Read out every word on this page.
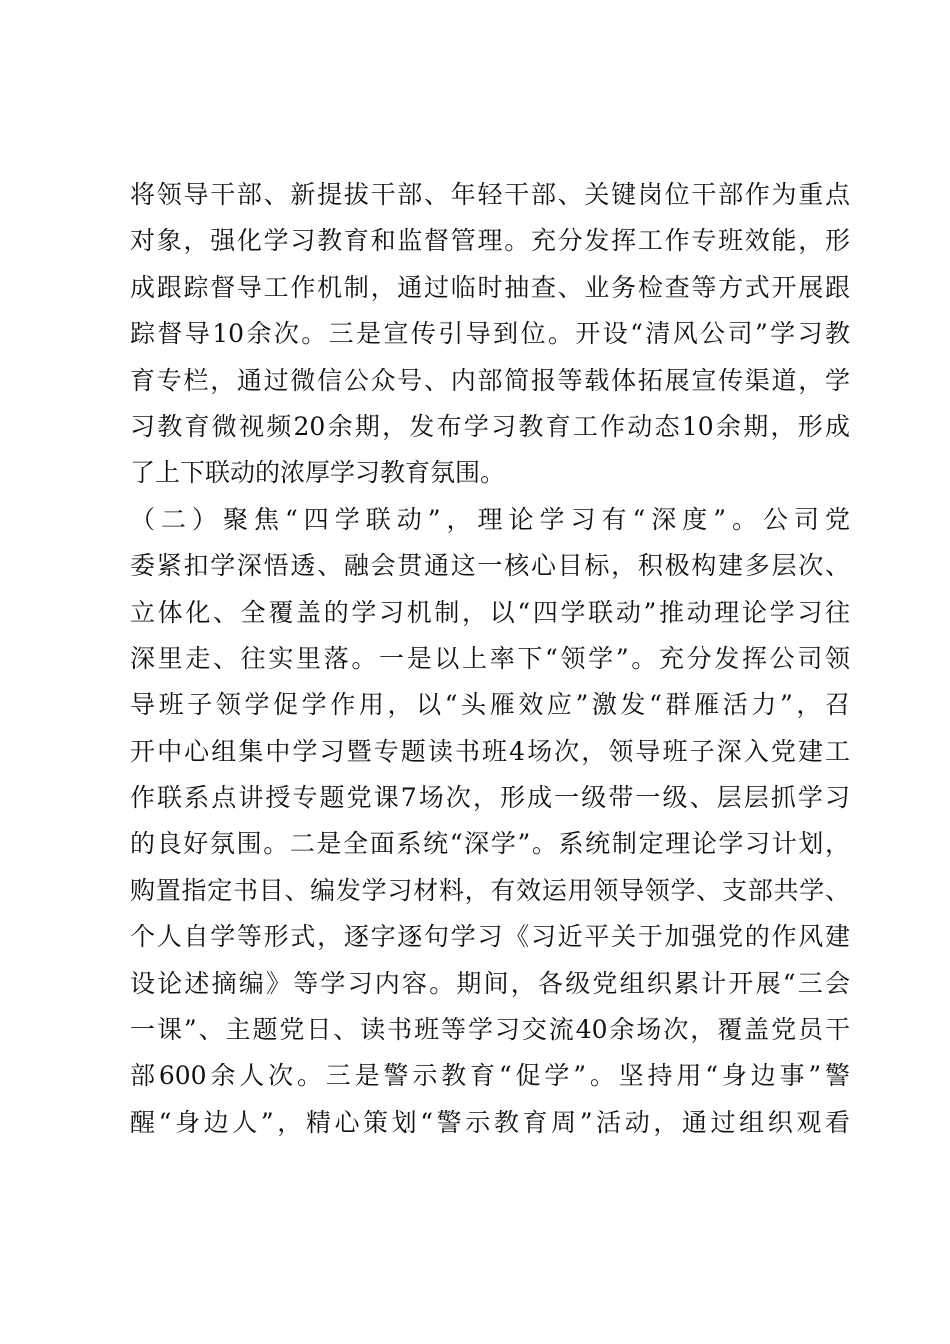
将领导干部、新提拔干部、年轻干部、关键岗位干部作为重点
对象，强化学习教育和监督管理。充分发挥工作专班效能，形
成跟踪督导工作机制，通过临时抽查、业务检查等方式开展跟
踪督导10余次。三是宣传引导到位。开设“清风公司”学习教
育专栏，通过微信公众号、内部简报等载体拓展宣传渠道，学
习教育微视频20余期，发布学习教育工作动态10余期，形成
了上下联动的浓厚学习教育氛围。
（二）聚焦“四学联动”，理论学习有“深度”。公司党
委紧扣学深悟透、融会贯通这一核心目标，积极构建多层次、
立体化、全覆盖的学习机制，以“四学联动”推动理论学习往
深里走、往实里落。一是以上率下“领学”。充分发挥公司领
导班子领学促学作用，以“头雁效应”激发“群雁活力”，召
开中心组集中学习暨专题读书班4场次，领导班子深入党建工
作联系点讲授专题党课7场次，形成一级带一级、层层抓学习
的良好氛围。二是全面系统“深学”。系统制定理论学习计划，
购置指定书目、编发学习材料，有效运用领导领学、支部共学、
个人自学等形式，逐字逐句学习《习近平关于加强党的作风建
设论述摘编》等学习内容。期间，各级党组织累计开展“三会
一课”、主题党日、读书班等学习交流40余场次，覆盖党员干
部600余人次。三是警示教育“促学”。坚持用“身边事”警
醒“身边人”，精心策划“警示教育周”活动，通过组织观看
